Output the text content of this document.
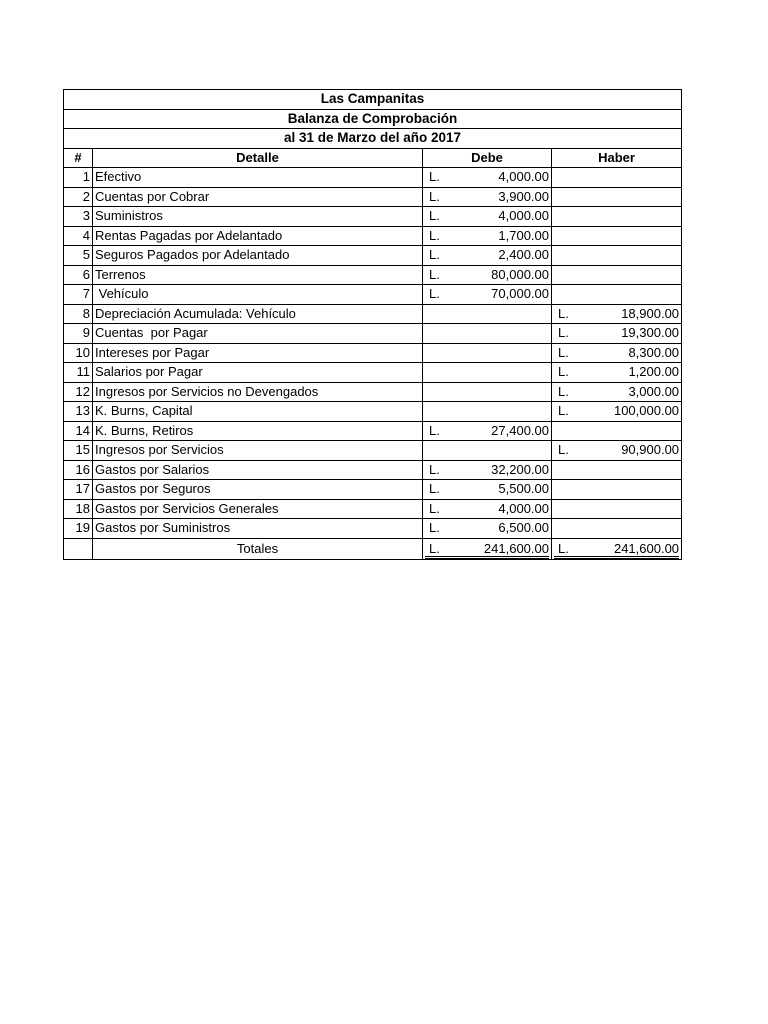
Las Campanitas			
Balanza de Comprobación			
al 31 de Marzo del año 2017			
#	Detalle	Debe	Haber
1	Efectivo	L. 4,000.00	

2	Cuentas por Cobrar	L. 3,900.00	

3	Suministros	L. 4,000.00	

4	Rentas Pagadas por Adelantado	L. 1,700.00	

5	Seguros Pagados por Adelantado	L. 2,400.00	

6	Terrenos	L. 80,000.00	

7	Vehículo	L. 70,000.00	

8	Depreciación Acumulada: Vehículo		L. 18,900.00

9	Cuentas  por Pagar		L. 19,300.00

10	Intereses por Pagar		L. 8,300.00

11	Salarios por Pagar		L. 1,200.00

12	Ingresos por Servicios no Devengados		L. 3,000.00

13	K. Burns, Capital		L. 100,000.00

14	K. Burns, Retiros	L. 27,400.00	

15	Ingresos por Servicios		L. 90,900.00

16	Gastos por Salarios	L. 32,200.00	

17	Gastos por Seguros	L. 5,500.00	

18	Gastos por Servicios Generales	L. 4,000.00	

19	Gastos por Suministros	L. 6,500.00	

	Totales	L. 241,600.00	L. 241,600.00
